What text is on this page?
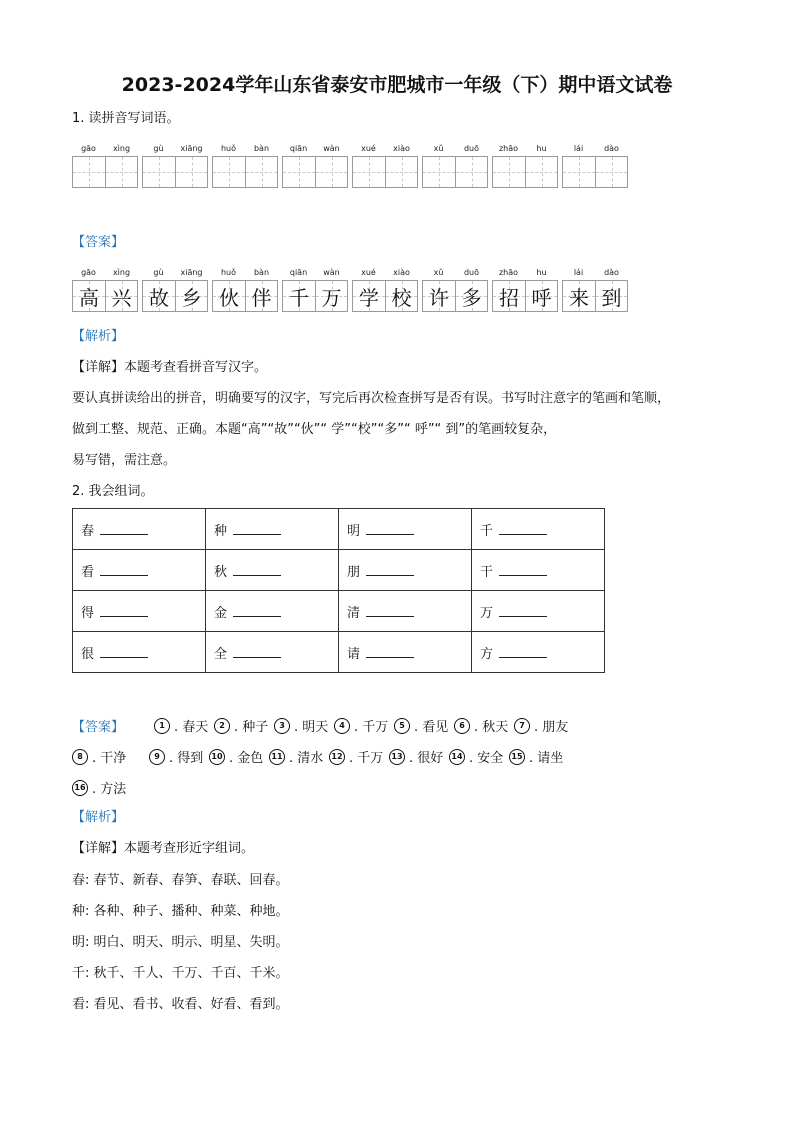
2023-2024学年山东省泰安市肥城市一年级（下）期中语文试卷
1. 读拼音写词语。
gāo	xìng	gù	xiāng	huǒ	bàn	qiān	wàn	xué	xiào	xǔ	duō	zhāo	hu	lái	dào
【答案】
gāo	xìng
高 兴
gù	xiāng
故 乡
huǒ	bàn
伙 伴
qiān	wàn
千 万
xué	xiào
学 校
xǔ	duō
许 多
zhāo	hu
招 呼
lái	dào
来 到
【解析】
【详解】本题考查看拼音写汉字。
要认真拼读给出的拼音，明确要写的汉字，写完后再次检查拼写是否有误。书写时注意字的笔画和笔顺，
做到工整、规范、正确。本题“高”“故”“伙”“ 学”“校”“多”“ 呼”“ 到”的笔画较复杂，
易写错，需注意。
2. 我会组词。
春	种	明	千
看	秋	朋	干
得	金	清	万
很	全	请	方
【答案】	1 . 春天	2 . 种子	3 . 明天	4 . 千万	5 . 看见	6 . 秋天	7 . 朋友
8 . 干净	9 . 得到	10 . 金色	11 . 清水	12 . 千万	13 . 很好	14 . 安全	15 . 请坐
16 . 方法
【解析】
【详解】本题考查形近字组词。
春: 春节、新春、春笋、春联、回春。
种: 各种、种子、播种、种菜、种地。
明: 明白、明天、明示、明星、失明。
千: 秋千、千人、千万、千百、千米。
看: 看见、看书、收看、好看、看到。
